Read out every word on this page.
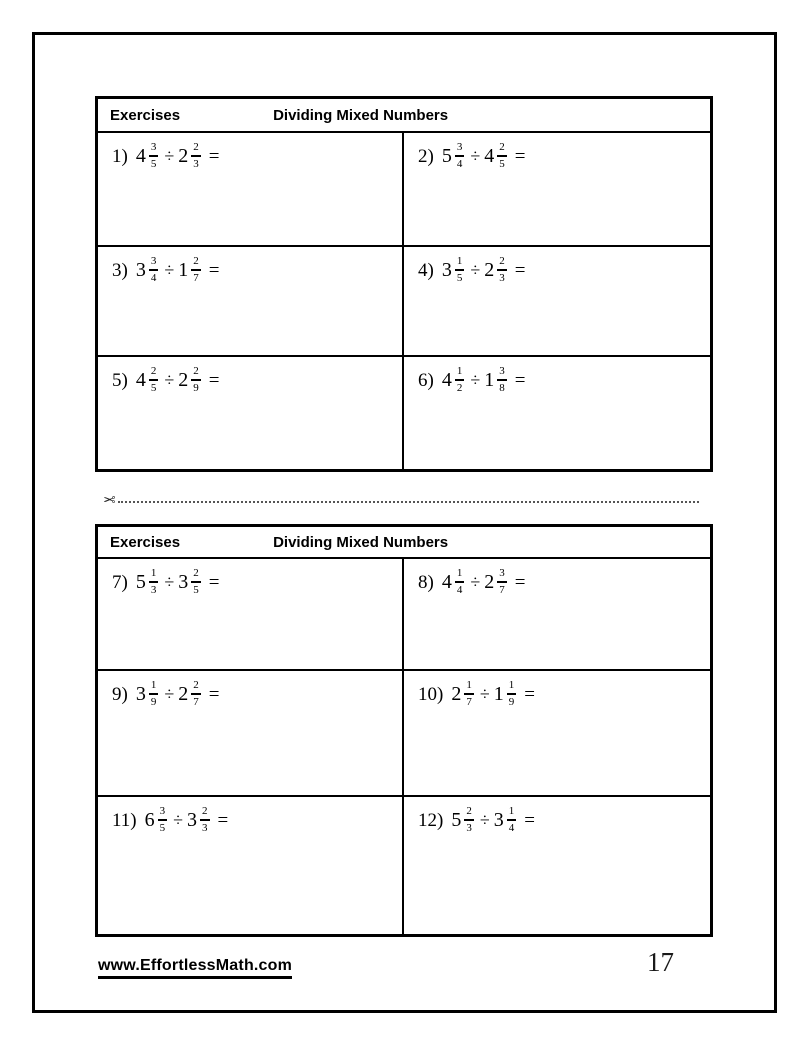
Exercises	Dividing Mixed Numbers
1) $4 \frac{3}{5} \div 2 \frac{2}{3}$ =	2) $5 \frac{3}{4} \div 4 \frac{2}{5}$ =
3) $3 \frac{3}{4} \div 1 \frac{2}{7}$ =	4) $3 \frac{1}{5} \div 2 \frac{2}{3}$ =
5) $4 \frac{2}{5} \div 2 \frac{2}{9}$ =	6) $4 \frac{1}{2} \div 1 \frac{3}{8}$ =
✂
Exercises	Dividing Mixed Numbers
7) $5 \frac{1}{3} \div 3 \frac{2}{5}$ =	8) $4 \frac{1}{4} \div 2 \frac{3}{7}$ =
9) $3 \frac{1}{9} \div 2 \frac{2}{7}$ =	10) $2 \frac{1}{7} \div 1 \frac{1}{9}$ =
11) $6 \frac{3}{5} \div 3 \frac{2}{3}$ =	12) $5 \frac{2}{3} \div 3 \frac{1}{4}$ =
www.EffortlessMath.com	17
